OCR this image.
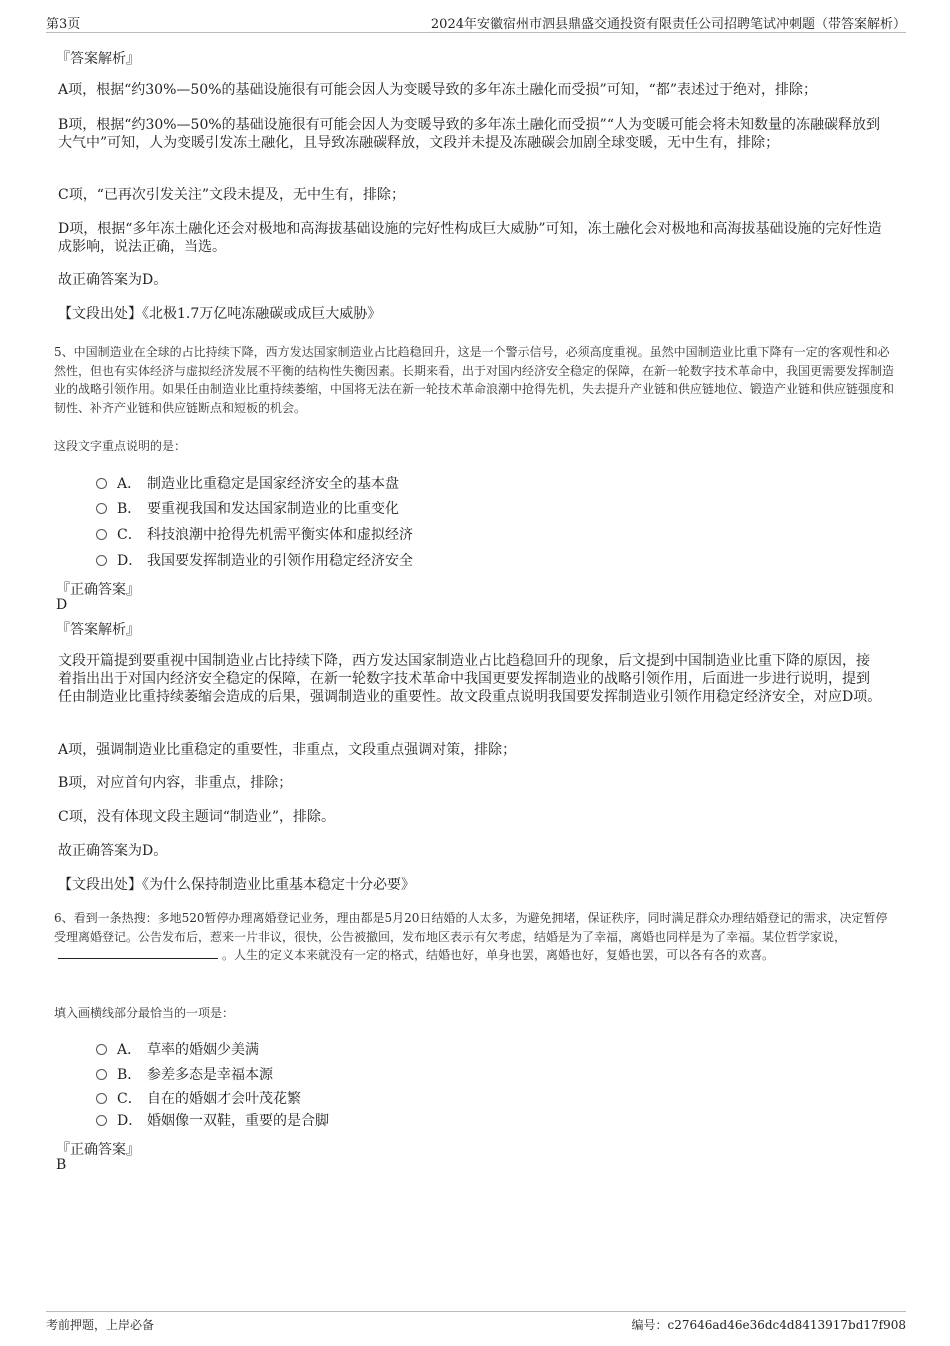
第3页	2024年安徽宿州市泗县鼎盛交通投资有限责任公司招聘笔试冲刺题（带答案解析）
『答案解析』
A项，根据“约30%—50%的基础设施很有可能会因人为变暖导致的多年冻土融化而受损”可知，“都”表述过于绝对，排除；
B项，根据“约30%—50%的基础设施很有可能会因人为变暖导致的多年冻土融化而受损”“人为变暖可能会将未知数量的冻融碳释放到大气中”可知，人为变暖引发冻土融化，且导致冻融碳释放，文段并未提及冻融碳会加剧全球变暖，无中生有，排除；
C项，“已再次引发关注”文段未提及，无中生有，排除；
D项，根据“多年冻土融化还会对极地和高海拔基础设施的完好性构成巨大威胁”可知，冻土融化会对极地和高海拔基础设施的完好性造成影响，说法正确，当选。
故正确答案为D。
【文段出处】《北极1.7万亿吨冻融碳或成巨大威胁》
5、中国制造业在全球的占比持续下降，西方发达国家制造业占比趋稳回升，这是一个警示信号，必须高度重视。虽然中国制造业比重下降有一定的客观性和必然性，但也有实体经济与虚拟经济发展不平衡的结构性失衡因素。长期来看，出于对国内经济安全稳定的保障，在新一轮数字技术革命中，我国更需要发挥制造业的战略引领作用。如果任由制造业比重持续萎缩，中国将无法在新一轮技术革命浪潮中抢得先机，失去提升产业链和供应链地位、锻造产业链和供应链强度和韧性、补齐产业链和供应链断点和短板的机会。
这段文字重点说明的是：
A． 制造业比重稳定是国家经济安全的基本盘
B． 要重视我国和发达国家制造业的比重变化
C． 科技浪潮中抢得先机需平衡实体和虚拟经济
D． 我国要发挥制造业的引领作用稳定经济安全
『正确答案』
D
『答案解析』
文段开篇提到要重视中国制造业占比持续下降，西方发达国家制造业占比趋稳回升的现象，后文提到中国制造业比重下降的原因，接着指出出于对国内经济安全稳定的保障，在新一轮数字技术革命中我国更要发挥制造业的战略引领作用，后面进一步进行说明，提到任由制造业比重持续萎缩会造成的后果，强调制造业的重要性。故文段重点说明我国要发挥制造业引领作用稳定经济安全，对应D项。
A项，强调制造业比重稳定的重要性，非重点，文段重点强调对策，排除；
B项，对应首句内容，非重点，排除；
C项，没有体现文段主题词“制造业”，排除。
故正确答案为D。
【文段出处】《为什么保持制造业比重基本稳定十分必要》
6、看到一条热搜：多地520暂停办理离婚登记业务，理由都是5月20日结婚的人太多，为避免拥堵，保证秩序，同时满足群众办理结婚登记的需求，决定暂停受理离婚登记。公告发布后，惹来一片非议，很快，公告被撤回，发布地区表示有欠考虑，结婚是为了幸福，离婚也同样是为了幸福。某位哲学家说，。人生的定义本来就没有一定的格式，结婚也好，单身也罢，离婚也好，复婚也罢，可以各有各的欢喜。
填入画横线部分最恰当的一项是：
A． 草率的婚姻少美满
B． 参差多态是幸福本源
C． 自在的婚姻才会叶茂花繁
D． 婚姻像一双鞋，重要的是合脚
『正确答案』
B
考前押题，上岸必备	编号：c27646ad46e36dc4d8413917bd17f908
